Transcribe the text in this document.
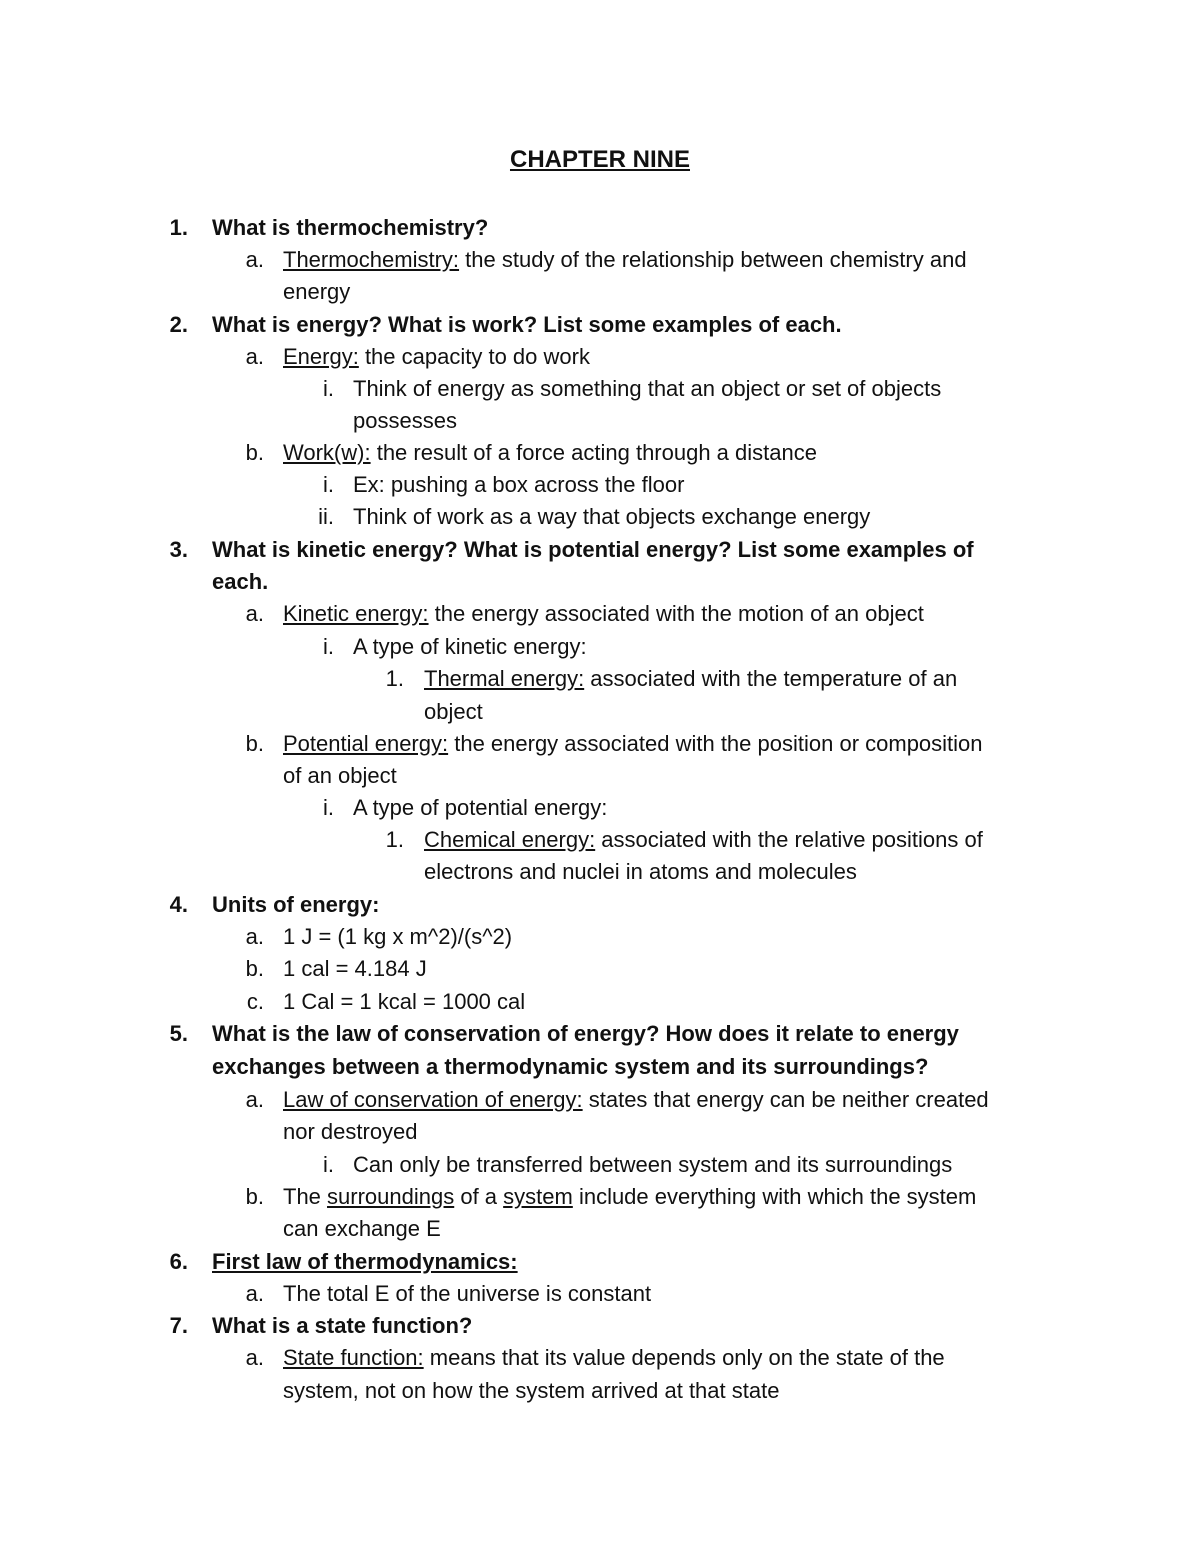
CHAPTER NINE
1. What is thermochemistry?
a. Thermochemistry: the study of the relationship between chemistry and
energy
2. What is energy? What is work? List some examples of each.
a. Energy: the capacity to do work
i. Think of energy as something that an object or set of objects
possesses
b. Work(w): the result of a force acting through a distance
i. Ex: pushing a box across the floor
ii. Think of work as a way that objects exchange energy
3. What is kinetic energy? What is potential energy? List some examples of
each.
a. Kinetic energy: the energy associated with the motion of an object
i. A type of kinetic energy:
1. Thermal energy: associated with the temperature of an
object
b. Potential energy: the energy associated with the position or composition
of an object
i. A type of potential energy:
1. Chemical energy: associated with the relative positions of
electrons and nuclei in atoms and molecules
4. Units of energy:
a. 1 J = (1 kg x m^2)/(s^2)
b. 1 cal = 4.184 J
c. 1 Cal = 1 kcal = 1000 cal
5. What is the law of conservation of energy? How does it relate to energy
exchanges between a thermodynamic system and its surroundings?
a. Law of conservation of energy: states that energy can be neither created
nor destroyed
i. Can only be transferred between system and its surroundings
b. The surroundings of a system include everything with which the system
can exchange E
6. First law of thermodynamics:
a. The total E of the universe is constant
7. What is a state function?
a. State function: means that its value depends only on the state of the
system, not on how the system arrived at that state
